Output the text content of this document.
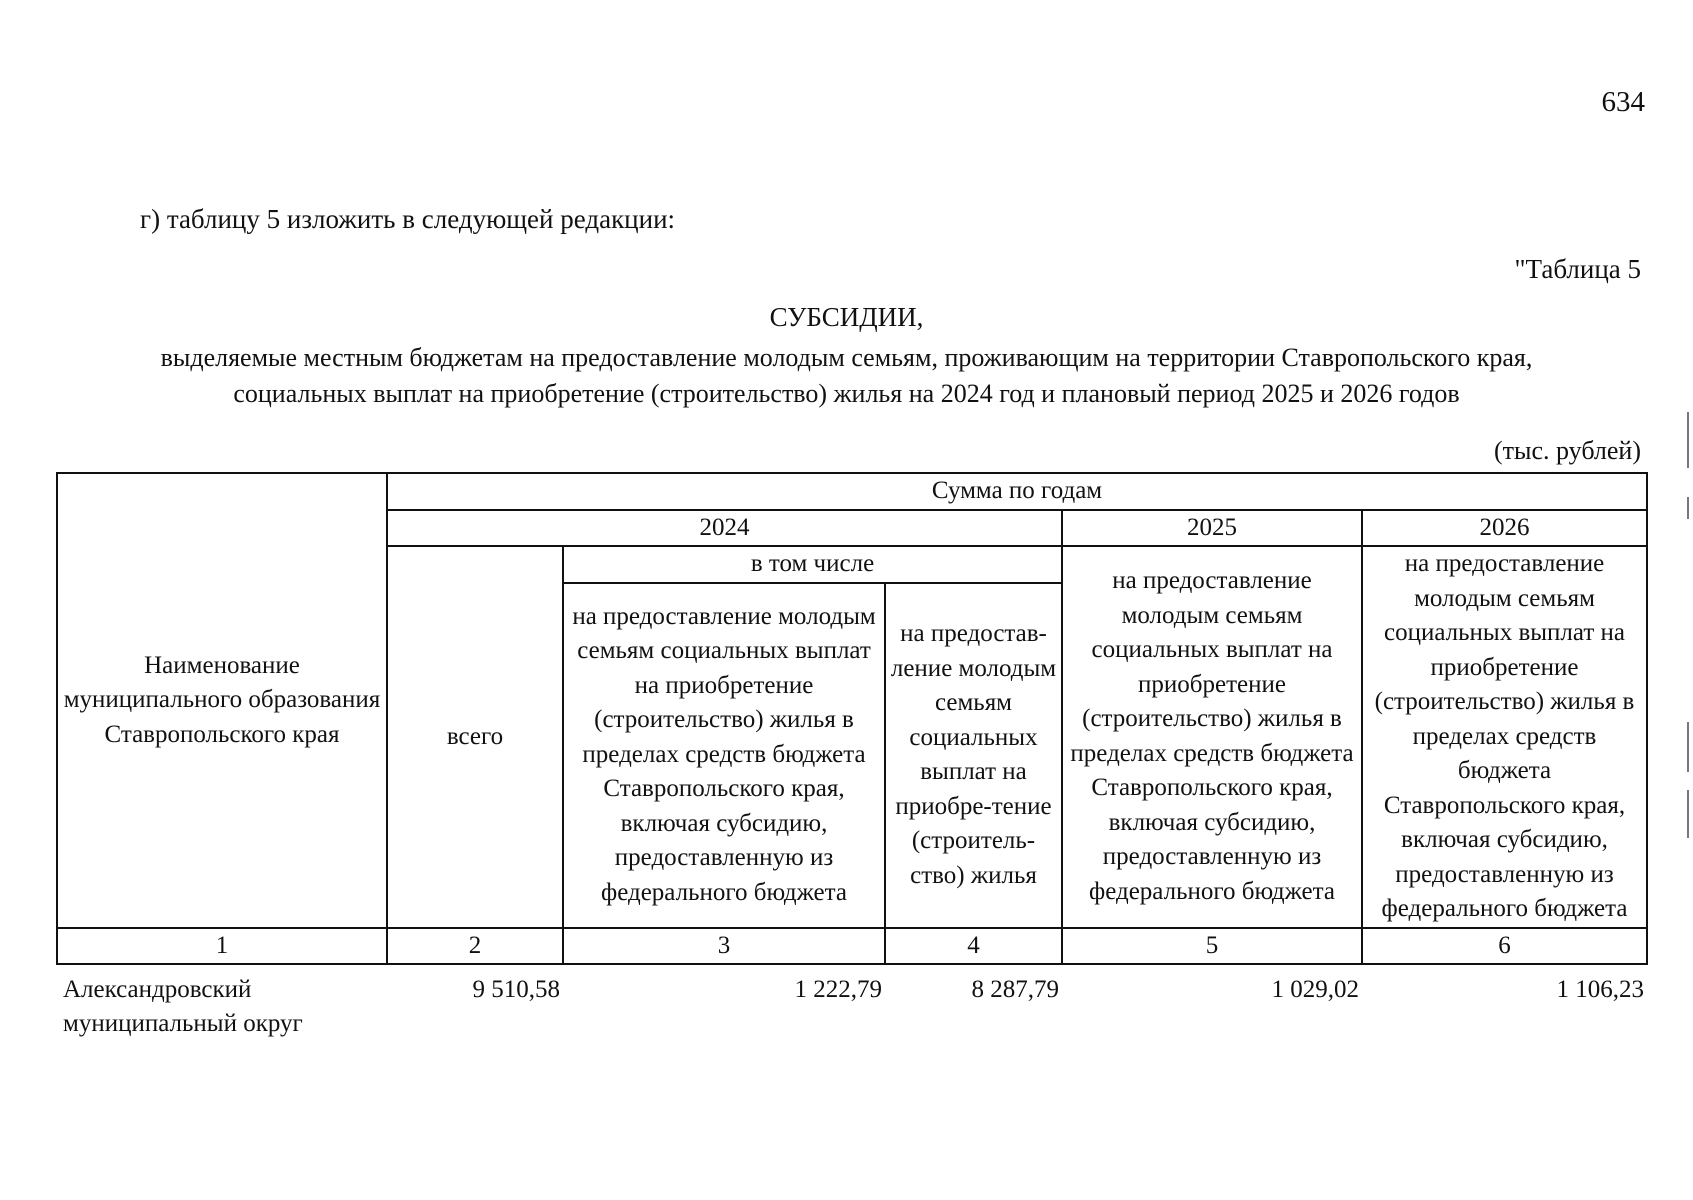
634
г) таблицу 5 изложить в следующей редакции:
"Таблица 5
СУБСИДИИ,
выделяемые местным бюджетам на предоставление молодым семьям, проживающим на территории Ставропольского края,
социальных выплат на приобретение (строительство) жилья на 2024 год и плановый период 2025 и 2026 годов
(тыс. рублей)
Наименование муниципального образования Ставропольского края	Сумма по годам				
	2024			2025	2026
	всего	в том числе		на предоставление молодым семьям социальных выплат на приобретение (строительство) жилья в пределах средств бюджета Ставропольского края, включая субсидию, предоставленную из федерального бюджета	на предоставление молодым семьям социальных выплат на приобретение (строительство) жилья в пределах средств бюджета Ставропольского края, включая субсидию, предоставленную из федерального бюджета
		на предоставление молодым семьям социальных выплат на приобретение (строительство) жилья в пределах средств бюджета Ставропольского края, включая субсидию, предоставленную из федерального бюджета	на предостав-ление молодым семьям социальных выплат на приобре-тение (строитель-ство) жилья		
1	2	3	4	5	6
Александровский муниципальный округ	9 510,58	1 222,79	8 287,79	1 029,02	1 106,23
